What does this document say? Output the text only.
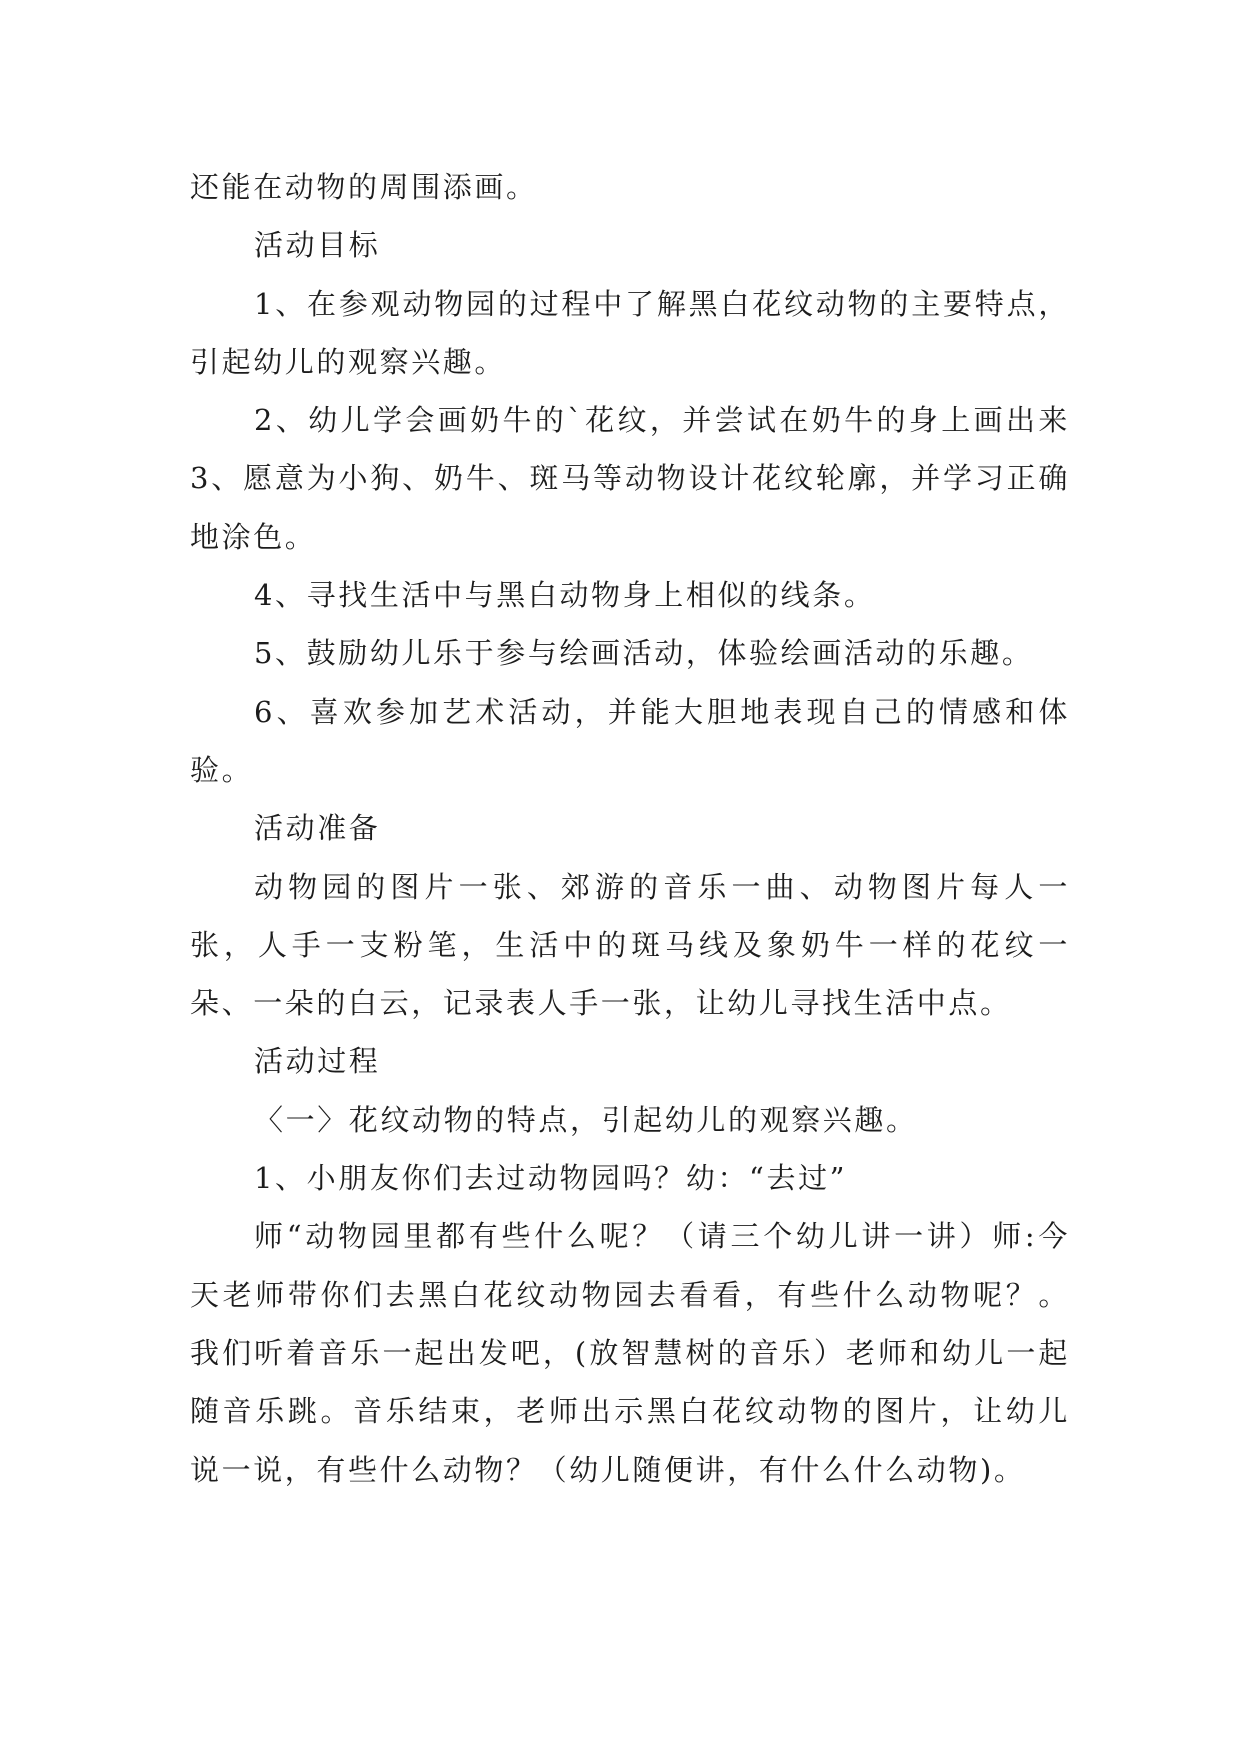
还能在动物的周围添画。

活动目标

1、在参观动物园的过程中了解黑白花纹动物的主要特点，引起幼儿的观察兴趣。

2、幼儿学会画奶牛的`花纹，并尝试在奶牛的身上画出来3、愿意为小狗、奶牛、斑马等动物设计花纹轮廓，并学习正确地涂色。

4、寻找生活中与黑白动物身上相似的线条。

5、鼓励幼儿乐于参与绘画活动，体验绘画活动的乐趣。

6、喜欢参加艺术活动，并能大胆地表现自己的情感和体验。

活动准备

动物园的图片一张、郊游的音乐一曲、动物图片每人一张，人手一支粉笔，生活中的斑马线及象奶牛一样的花纹一朵、一朵的白云，记录表人手一张，让幼儿寻找生活中点。

活动过程

〈一〉花纹动物的特点，引起幼儿的观察兴趣。

1、小朋友你们去过动物园吗？幼：“去过”

师“动物园里都有些什么呢？（请三个幼儿讲一讲）师:今天老师带你们去黑白花纹动物园去看看，有些什么动物呢？。我们听着音乐一起出发吧，(放智慧树的音乐）老师和幼儿一起随音乐跳。音乐结束，老师出示黑白花纹动物的图片，让幼儿说一说，有些什么动物？（幼儿随便讲，有什么什么动物)。
